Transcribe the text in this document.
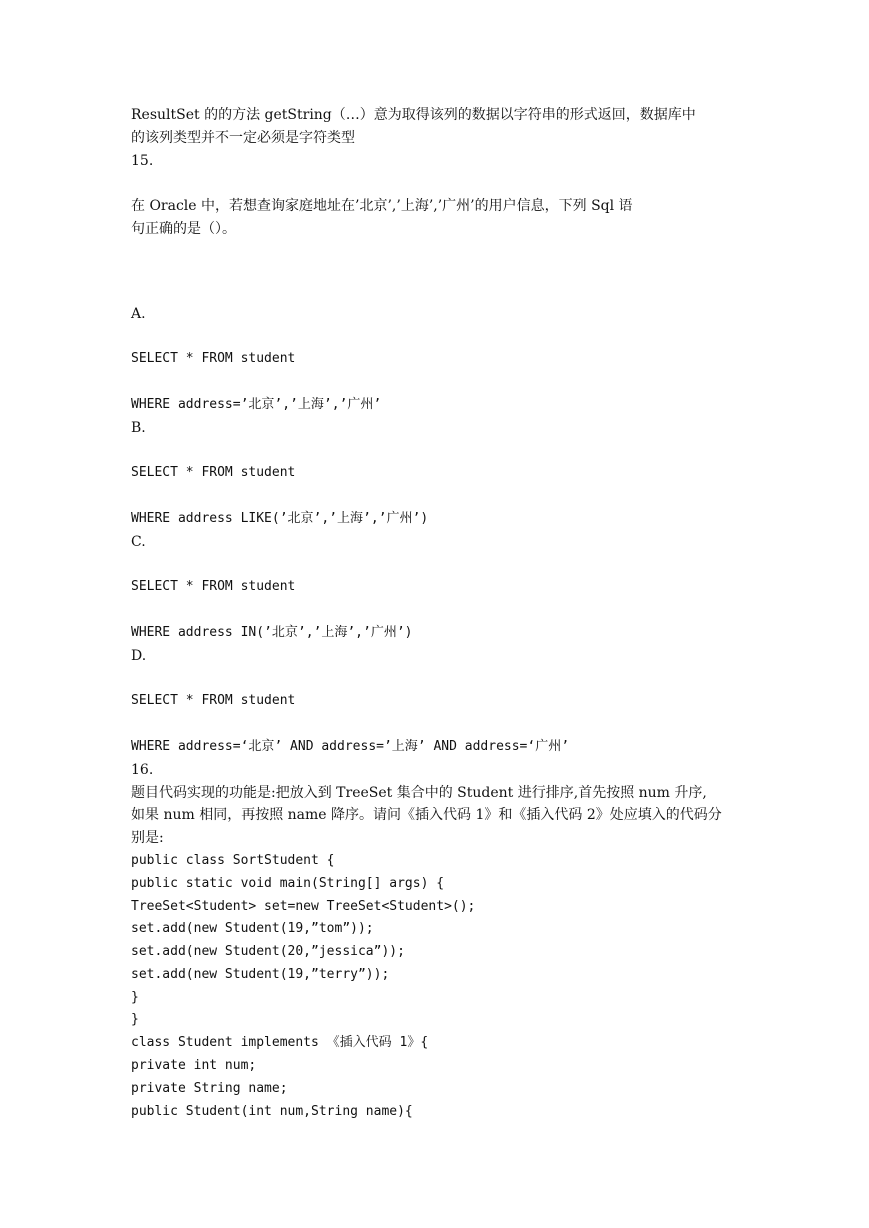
ResultSet 的的方法 getString（…）意为取得该列的数据以字符串的形式返回，数据库中
的该列类型并不一定必须是字符类型
15.
在 Oracle 中，若想查询家庭地址在’北京’,’上海’,’广州’的用户信息，下列 Sql 语
句正确的是（）。
A.
SELECT * FROM student
WHERE address=’北京’,’上海’,’广州’
B.
SELECT * FROM student
WHERE address LIKE(’北京’,’上海’,’广州’)
C.
SELECT * FROM student
WHERE address IN(’北京’,’上海’,’广州’)
D.
SELECT * FROM student
WHERE address=‘北京’ AND address=’上海’ AND address=‘广州’
16.
题目代码实现的功能是:把放入到 TreeSet 集合中的 Student 进行排序,首先按照 num 升序,
如果 num 相同，再按照 name 降序。请问《插入代码 1》和《插入代码 2》处应填入的代码分
别是:
public class SortStudent {
public static void main(String[] args) {
TreeSet<Student> set=new TreeSet<Student>();
set.add(new Student(19,”tom”));
set.add(new Student(20,”jessica”));
set.add(new Student(19,”terry”));
}
}
class Student implements 《插入代码 1》{
private int num;
private String name;
public Student(int num,String name){
